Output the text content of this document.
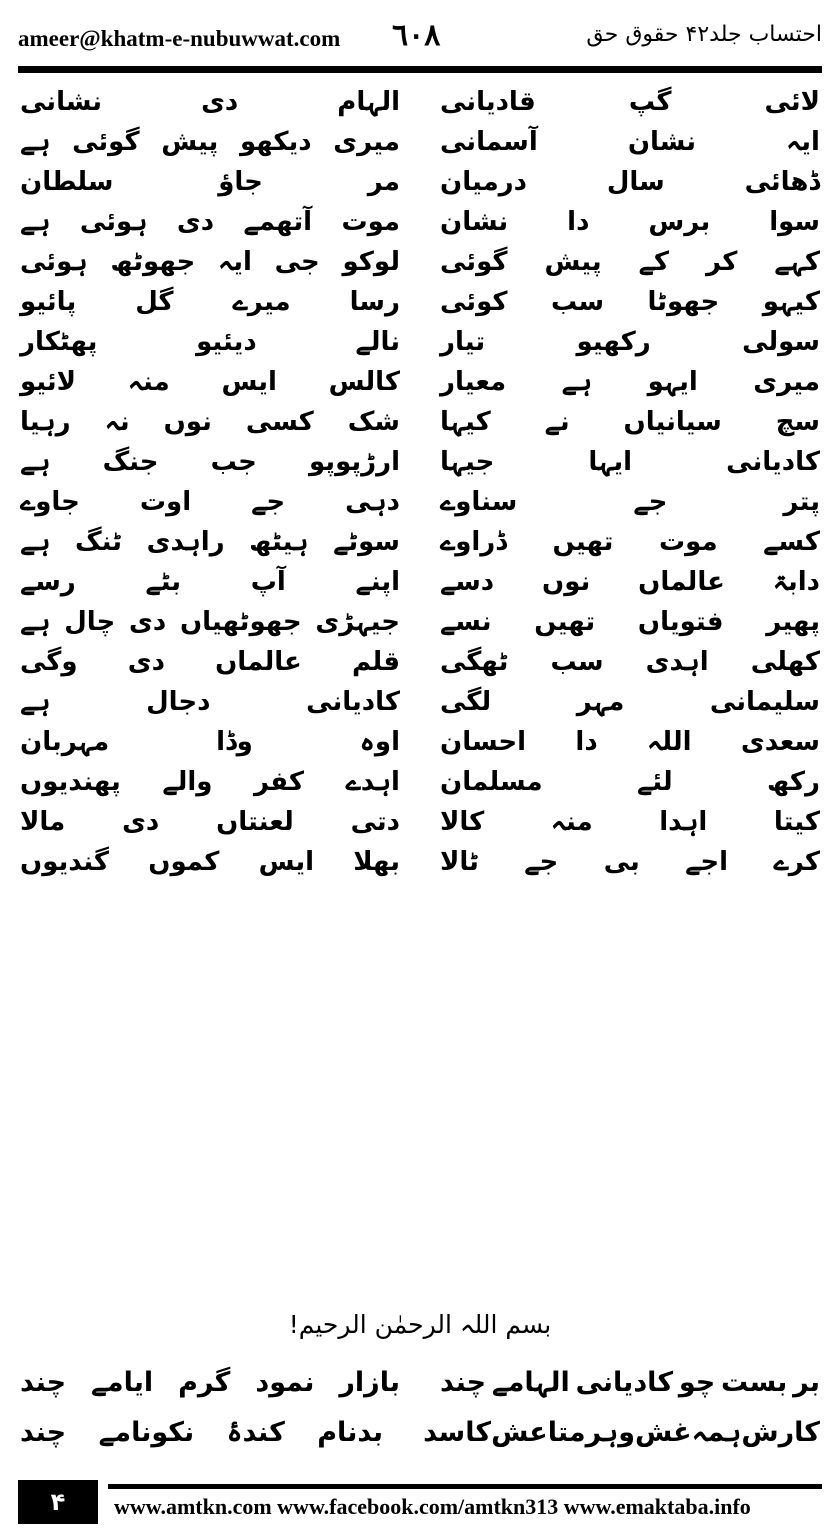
ameer@khatm-e-nubuwwat.com ٦٠٨	احتساب جلد۴۲ حقوق حق
لائی
گپ
قادیانی
الہام
دی
نشانی
ایہ
نشان
آسمانی
میری
دیکھو
پیش
گوئی
ہے
ڈھائی
سال
درمیان
مر
جاؤ
سلطان
سوا
برس
دا
نشان
موت
آتھمے
دی
ہوئی
ہے
کہے
کر
کے
پیش
گوئی
لوکو
جی
ایہ
جھوٹھ
ہوئی
کیہو
جھوٹا
سب
کوئی
رسا
میرے
گل
پائیو
سولی
رکھیو
تیار
نالے
دیئیو
پھٹکار
میری
ایہو
ہے
معیار
کالس
ایس
منہ
لائیو
سچ
سیانیاں
نے
کیہا
شک
کسی
نوں
نہ
رہیا
کادیانی
ایہا
جیہا
ارڑپوپو
جب
جنگ
ہے
پتر
جے
سناوے
دہی
جے
اوت
جاوے
کسے
موت
تھیں
ڈراوے
سوٹے
ہیٹھ
راہدی
ٹنگ
ہے
دابۃ
عالماں
نوں
دسے
اپنے
آپ
بٹے
رسے
پھیر
فتویاں
تھیں
نسے
جیہڑی
جھوٹھیاں
دی
چال
ہے
کھلی
اہدی
سب
ٹھگی
قلم
عالماں
دی
وگی
سلیمانی
مہر
لگی
کادیانی
دجال
ہے
سعدی
اللہ
دا
احسان
اوہ
وڈا
مہربان
رکھ
لئے
مسلمان
اہدے
کفر
والے
پھندیوں
کیتا
اہدا
منہ
کالا
دتی
لعنتاں
دی
مالا
کرے
اجے
بی
جے
ٹالا
بھلا
ایس
کموں
گندیوں
بسم اللہ الرحمٰن الرحیم!
بر
بست
چو
کادیانی
الہامے
چند
بازار
نمود
گرم
ایامے
چند
کارش
ہمہ
غش
وہر
متاعش
کا
سد
بدنام
کندۂ
نکونامے
چند
۴	www.amtkn.com www.facebook.com/amtkn313 www.emaktaba.info
